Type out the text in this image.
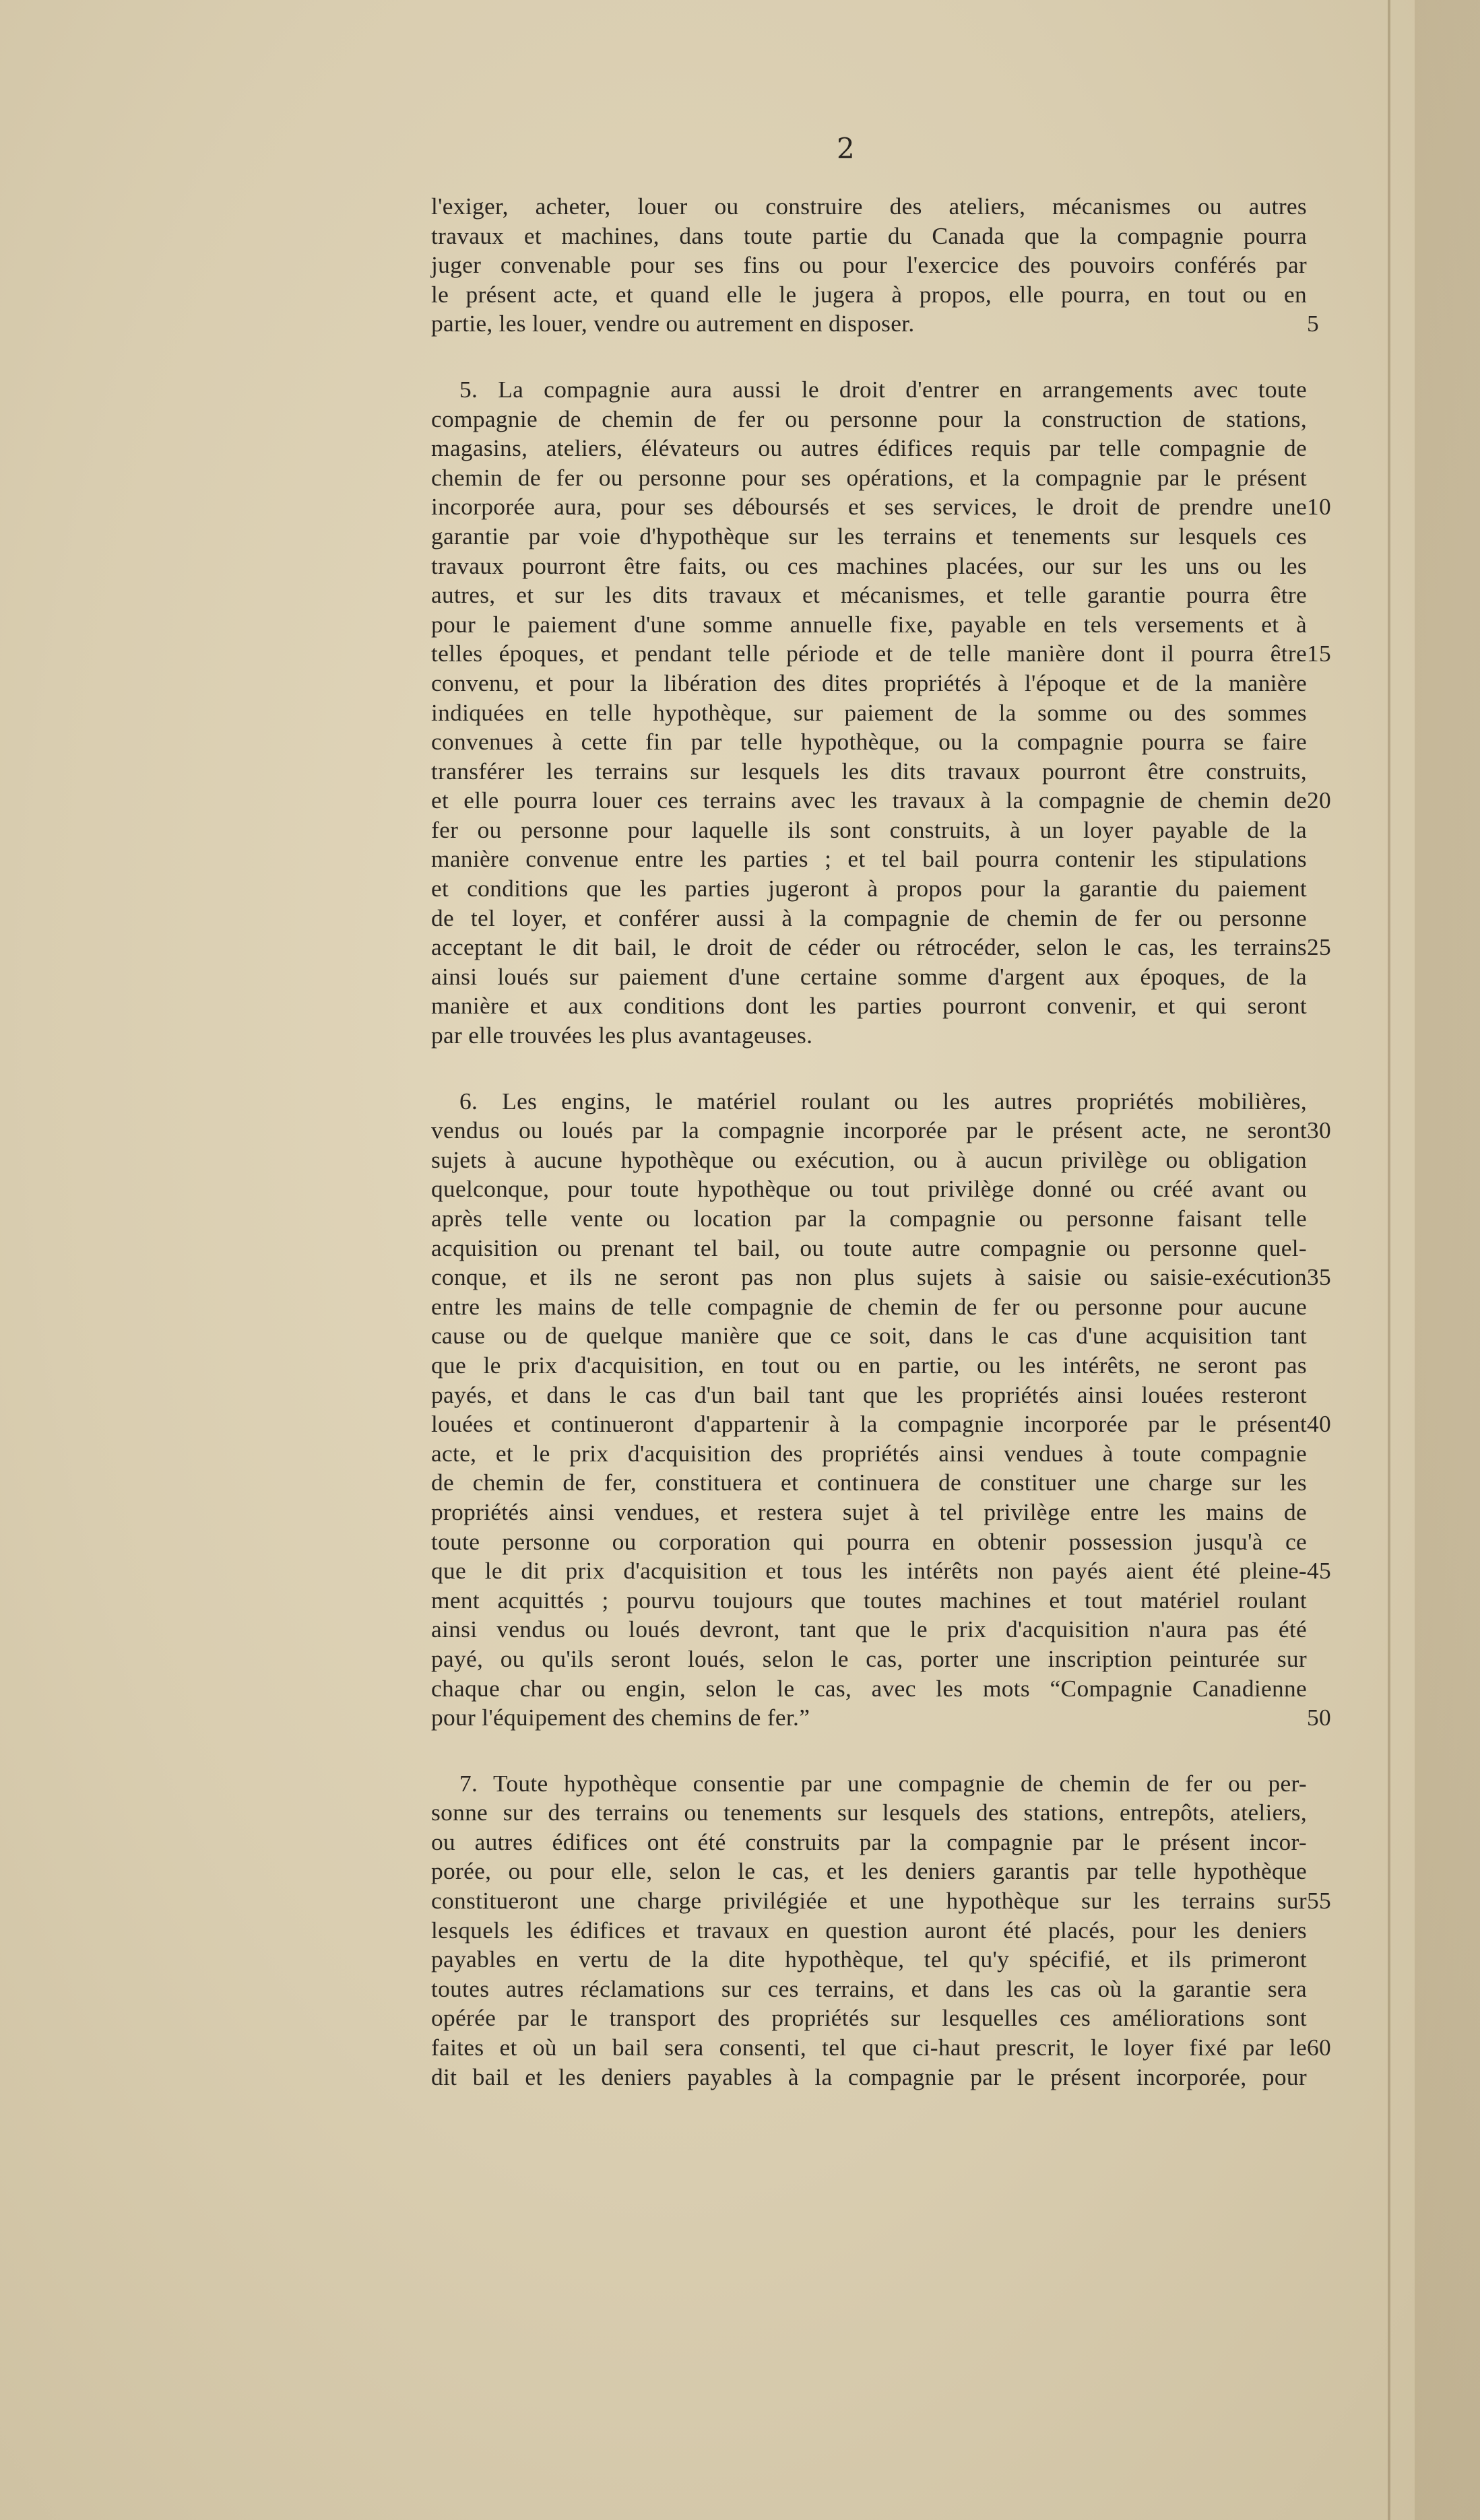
2
l'exiger, acheter, louer ou construire des ateliers, mécanismes ou autres
travaux et machines, dans toute partie du Canada que la compagnie pourra
juger convenable pour ses fins ou pour l'exercice des pouvoirs conférés par
le présent acte, et quand elle le jugera à propos, elle pourra, en tout ou en
partie, les louer, vendre ou autrement en disposer.	5
5. La compagnie aura aussi le droit d'entrer en arrangements avec toute
compagnie de chemin de fer ou personne pour la construction de stations,
magasins, ateliers, élévateurs ou autres édifices requis par telle compagnie de
chemin de fer ou personne pour ses opérations, et la compagnie par le présent
incorporée aura, pour ses déboursés et ses services, le droit de prendre une 10
garantie par voie d'hypothèque sur les terrains et tenements sur lesquels ces
travaux pourront être faits, ou ces machines placées, our sur les uns ou les
autres, et sur les dits travaux et mécanismes, et telle garantie pourra être
pour le paiement d'une somme annuelle fixe, payable en tels versements et à
telles époques, et pendant telle période et de telle manière dont il pourra être 15
convenu, et pour la libération des dites propriétés à l'époque et de la manière
indiquées en telle hypothèque, sur paiement de la somme ou des sommes
convenues à cette fin par telle hypothèque, ou la compagnie pourra se faire
transférer les terrains sur lesquels les dits travaux pourront être construits,
et elle pourra louer ces terrains avec les travaux à la compagnie de chemin de 20
fer ou personne pour laquelle ils sont construits, à un loyer payable de la
manière convenue entre les parties ; et tel bail pourra contenir les stipulations
et conditions que les parties jugeront à propos pour la garantie du paiement
de tel loyer, et conférer aussi à la compagnie de chemin de fer ou personne
acceptant le dit bail, le droit de céder ou rétrocéder, selon le cas, les terrains 25
ainsi loués sur paiement d'une certaine somme d'argent aux époques, de la
manière et aux conditions dont les parties pourront convenir, et qui seront
par elle trouvées les plus avantageuses.
6. Les engins, le matériel roulant ou les autres propriétés mobilières,
vendus ou loués par la compagnie incorporée par le présent acte, ne seront 30
sujets à aucune hypothèque ou exécution, ou à aucun privilège ou obligation
quelconque, pour toute hypothèque ou tout privilège donné ou créé avant ou
après telle vente ou location par la compagnie ou personne faisant telle
acquisition ou prenant tel bail, ou toute autre compagnie ou personne quel-
conque, et ils ne seront pas non plus sujets à saisie ou saisie-exécution 35
entre les mains de telle compagnie de chemin de fer ou personne pour aucune
cause ou de quelque manière que ce soit, dans le cas d'une acquisition tant
que le prix d'acquisition, en tout ou en partie, ou les intérêts, ne seront pas
payés, et dans le cas d'un bail tant que les propriétés ainsi louées resteront
louées et continueront d'appartenir à la compagnie incorporée par le présent 40
acte, et le prix d'acquisition des propriétés ainsi vendues à toute compagnie
de chemin de fer, constituera et continuera de constituer une charge sur les
propriétés ainsi vendues, et restera sujet à tel privilège entre les mains de
toute personne ou corporation qui pourra en obtenir possession jusqu'à ce
que le dit prix d'acquisition et tous les intérêts non payés aient été pleine- 45
ment acquittés ; pourvu toujours que toutes machines et tout matériel roulant
ainsi vendus ou loués devront, tant que le prix d'acquisition n'aura pas été
payé, ou qu'ils seront loués, selon le cas, porter une inscription peinturée sur
chaque char ou engin, selon le cas, avec les mots “Compagnie Canadienne
pour l'équipement des chemins de fer.”	50
7. Toute hypothèque consentie par une compagnie de chemin de fer ou per-
sonne sur des terrains ou tenements sur lesquels des stations, entrepôts, ateliers,
ou autres édifices ont été construits par la compagnie par le présent incor-
porée, ou pour elle, selon le cas, et les deniers garantis par telle hypothèque
constitueront une charge privilégiée et une hypothèque sur les terrains sur 55
lesquels les édifices et travaux en question auront été placés, pour les deniers
payables en vertu de la dite hypothèque, tel qu'y spécifié, et ils primeront
toutes autres réclamations sur ces terrains, et dans les cas où la garantie sera
opérée par le transport des propriétés sur lesquelles ces améliorations sont
faites et où un bail sera consenti, tel que ci-haut prescrit, le loyer fixé par le 60
dit bail et les deniers payables à la compagnie par le présent incorporée, pour
